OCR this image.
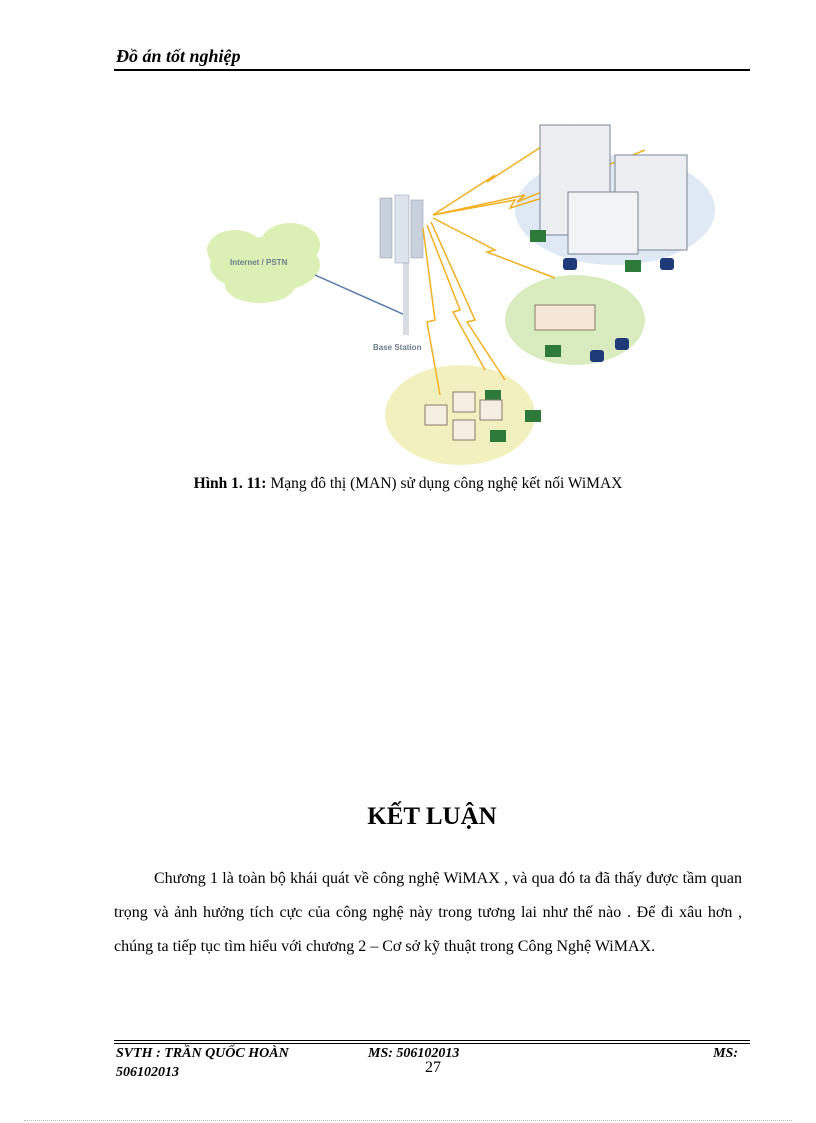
Đồ án tốt nghiệp
Internet / PSTN
Base Station
Hình 1. 11: Mạng đô thị (MAN) sử dụng công nghệ kết nối WiMAX
KẾT LUẬN

Chương 1 là toàn bộ khái quát về công nghệ WiMAX , và qua đó ta đã thấy được tầm quan trọng và ảnh hưởng tích cực của công nghệ này trong tương lai như thế nào . Để đi xâu hơn , chúng ta tiếp tục tìm hiểu với chương 2 – Cơ sở kỹ thuật trong Công Nghệ WiMAX.

SVTH : TRẦN QUỐC HOÀN	MS: 506102013	MS:
506102013	27
